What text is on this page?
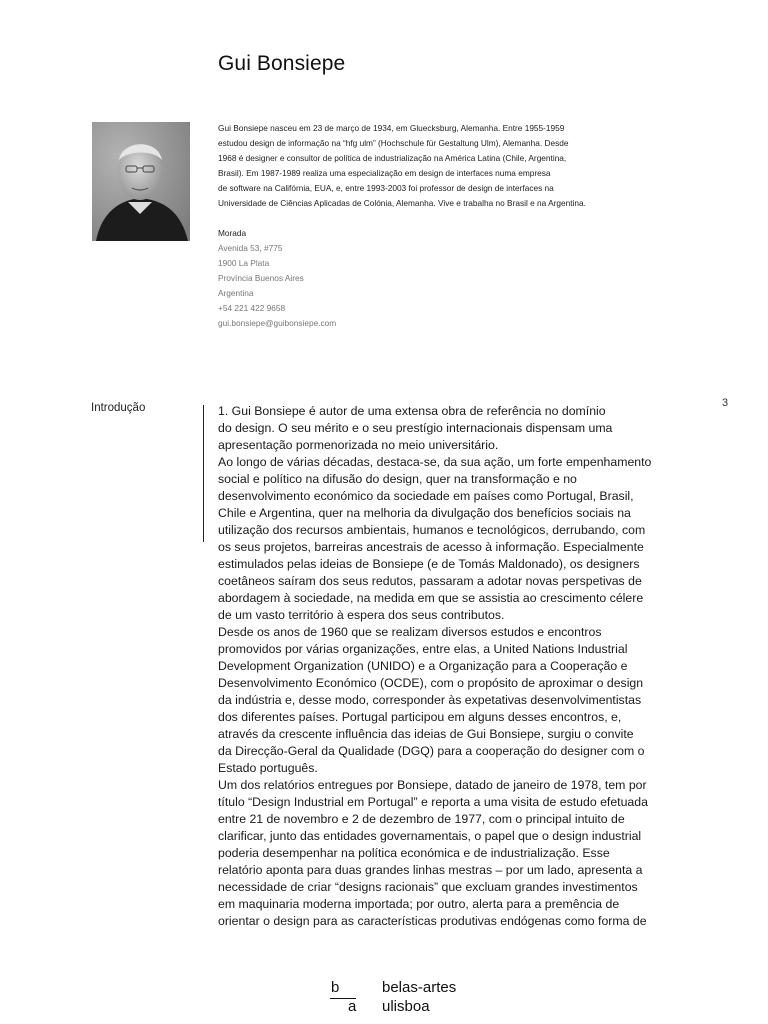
Gui Bonsiepe
Gui Bonsiepe nasceu em 23 de março de 1934, em Gluecksburg, Alemanha. Entre 1955-1959
estudou design de informação na “hfg ulm” (Hochschule für Gestaltung Ulm), Alemanha. Desde
1968 é designer e consultor de política de industrialização na América Latina (Chile, Argentina,
Brasil). Em 1987-1989 realiza uma especialização em design de interfaces numa empresa
de software na Califórnia, EUA, e, entre 1993-2003 foi professor de design de interfaces na
Universidade de Ciências Aplicadas de Colónia, Alemanha. Vive e trabalha no Brasil e na Argentina.
Morada
Avenida 53, #775
1900 La Plata
Província Buenos Aires
Argentina
+54 221 422 9658
gui.bonsiepe@guibonsiepe.com
3
Introdução	1. Gui Bonsiepe é autor de uma extensa obra de referência no domínio
do design. O seu mérito e o seu prestígio internacionais dispensam uma
apresentação pormenorizada no meio universitário.
Ao longo de várias décadas, destaca-se, da sua ação, um forte empenhamento
social e político na difusão do design, quer na transformação e no
desenvolvimento económico da sociedade em países como Portugal, Brasil,
Chile e Argentina, quer na melhoria da divulgação dos benefícios sociais na
utilização dos recursos ambientais, humanos e tecnológicos, derrubando, com
os seus projetos, barreiras ancestrais de acesso à informação. Especialmente
estimulados pelas ideias de Bonsiepe (e de Tomás Maldonado), os designers
coetâneos saíram dos seus redutos, passaram a adotar novas perspetivas de
abordagem à sociedade, na medida em que se assistia ao crescimento célere
de um vasto território à espera dos seus contributos.
Desde os anos de 1960 que se realizam diversos estudos e encontros
promovidos por várias organizações, entre elas, a United Nations Industrial
Development Organization (UNIDO) e a Organização para a Cooperação e
Desenvolvimento Económico (OCDE), com o propósito de aproximar o design
da indústria e, desse modo, corresponder às expetativas desenvolvimentistas
dos diferentes países. Portugal participou em alguns desses encontros, e,
através da crescente influência das ideias de Gui Bonsiepe, surgiu o convite
da Direcção-Geral da Qualidade (DGQ) para a cooperação do designer com o
Estado português.
Um dos relatórios entregues por Bonsiepe, datado de janeiro de 1978, tem por
título “Design Industrial em Portugal” e reporta a uma visita de estudo efetuada
entre 21 de novembro e 2 de dezembro de 1977, com o principal intuito de
clarificar, junto das entidades governamentais, o papel que o design industrial
poderia desempenhar na política económica e de industrialização. Esse
relatório aponta para duas grandes linhas mestras – por um lado, apresenta a
necessidade de criar “designs racionais” que excluam grandes investimentos
em maquinaria moderna importada; por outro, alerta para a premência de
orientar o design para as características produtivas endógenas como forma de
b
a
belas-artes
ulisboa
